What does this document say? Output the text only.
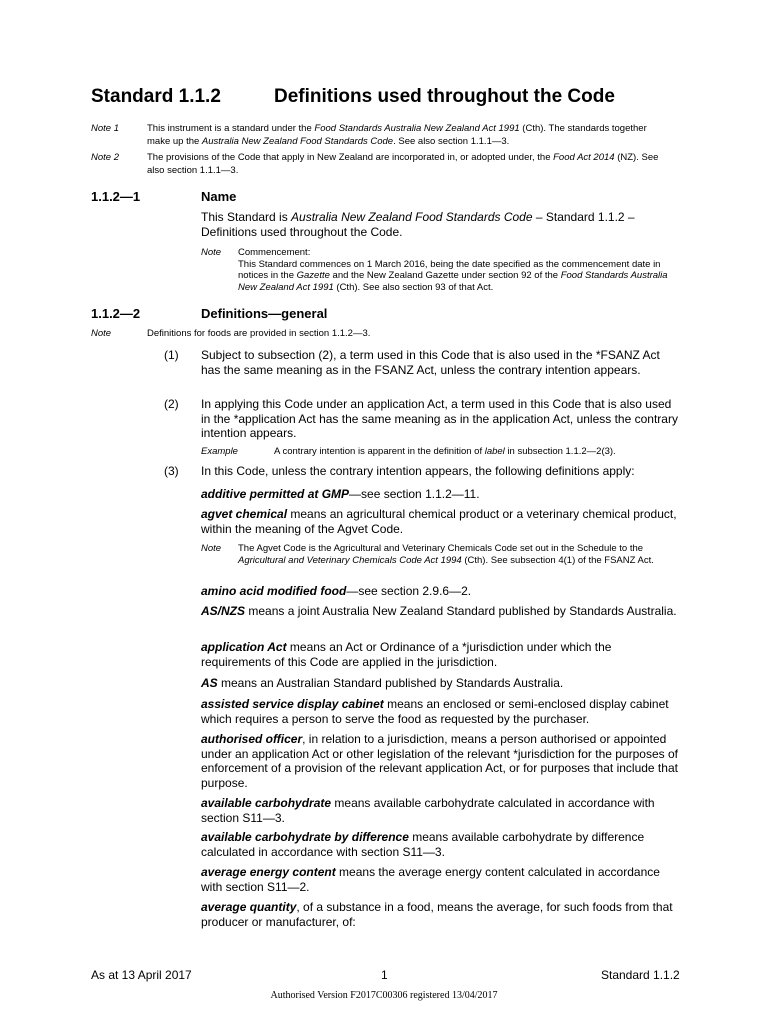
Standard 1.1.2	Definitions used throughout the Code
Note 1	This instrument is a standard under the Food Standards Australia New Zealand Act 1991 (Cth). The standards together make up the Australia New Zealand Food Standards Code. See also section 1.1.1—3.
Note 2	The provisions of the Code that apply in New Zealand are incorporated in, or adopted under, the Food Act 2014 (NZ). See also section 1.1.1—3.
1.1.2—1	Name
This Standard is Australia New Zealand Food Standards Code – Standard 1.1.2 – Definitions used throughout the Code.
Note Commencement:
This Standard commences on 1 March 2016, being the date specified as the commencement date in notices in the Gazette and the New Zealand Gazette under section 92 of the Food Standards Australia New Zealand Act 1991 (Cth). See also section 93 of that Act.
1.1.2—2	Definitions—general
Note	Definitions for foods are provided in section 1.1.2—3.
(1) Subject to subsection (2), a term used in this Code that is also used in the *FSANZ Act has the same meaning as in the FSANZ Act, unless the contrary intention appears.
(2) In applying this Code under an application Act, a term used in this Code that is also used in the *application Act has the same meaning as in the application Act, unless the contrary intention appears.
Example	A contrary intention is apparent in the definition of label in subsection 1.1.2—2(3).
(3) In this Code, unless the contrary intention appears, the following definitions apply:
additive permitted at GMP—see section 1.1.2—11.
agvet chemical means an agricultural chemical product or a veterinary chemical product, within the meaning of the Agvet Code.
Note The Agvet Code is the Agricultural and Veterinary Chemicals Code set out in the Schedule to the Agricultural and Veterinary Chemicals Code Act 1994 (Cth). See subsection 4(1) of the FSANZ Act.
amino acid modified food—see section 2.9.6—2.
AS/NZS means a joint Australia New Zealand Standard published by Standards Australia.
application Act means an Act or Ordinance of a *jurisdiction under which the requirements of this Code are applied in the jurisdiction.
AS means an Australian Standard published by Standards Australia.
assisted service display cabinet means an enclosed or semi-enclosed display cabinet which requires a person to serve the food as requested by the purchaser.
authorised officer, in relation to a jurisdiction, means a person authorised or appointed under an application Act or other legislation of the relevant *jurisdiction for the purposes of enforcement of a provision of the relevant application Act, or for purposes that include that purpose.
available carbohydrate means available carbohydrate calculated in accordance with section S11—3.
available carbohydrate by difference means available carbohydrate by difference calculated in accordance with section S11—3.
average energy content means the average energy content calculated in accordance with section S11—2.
average quantity, of a substance in a food, means the average, for such foods from that producer or manufacturer, of:
As at 13 April 2017	1	Standard 1.1.2
Authorised Version F2017C00306 registered 13/04/2017
